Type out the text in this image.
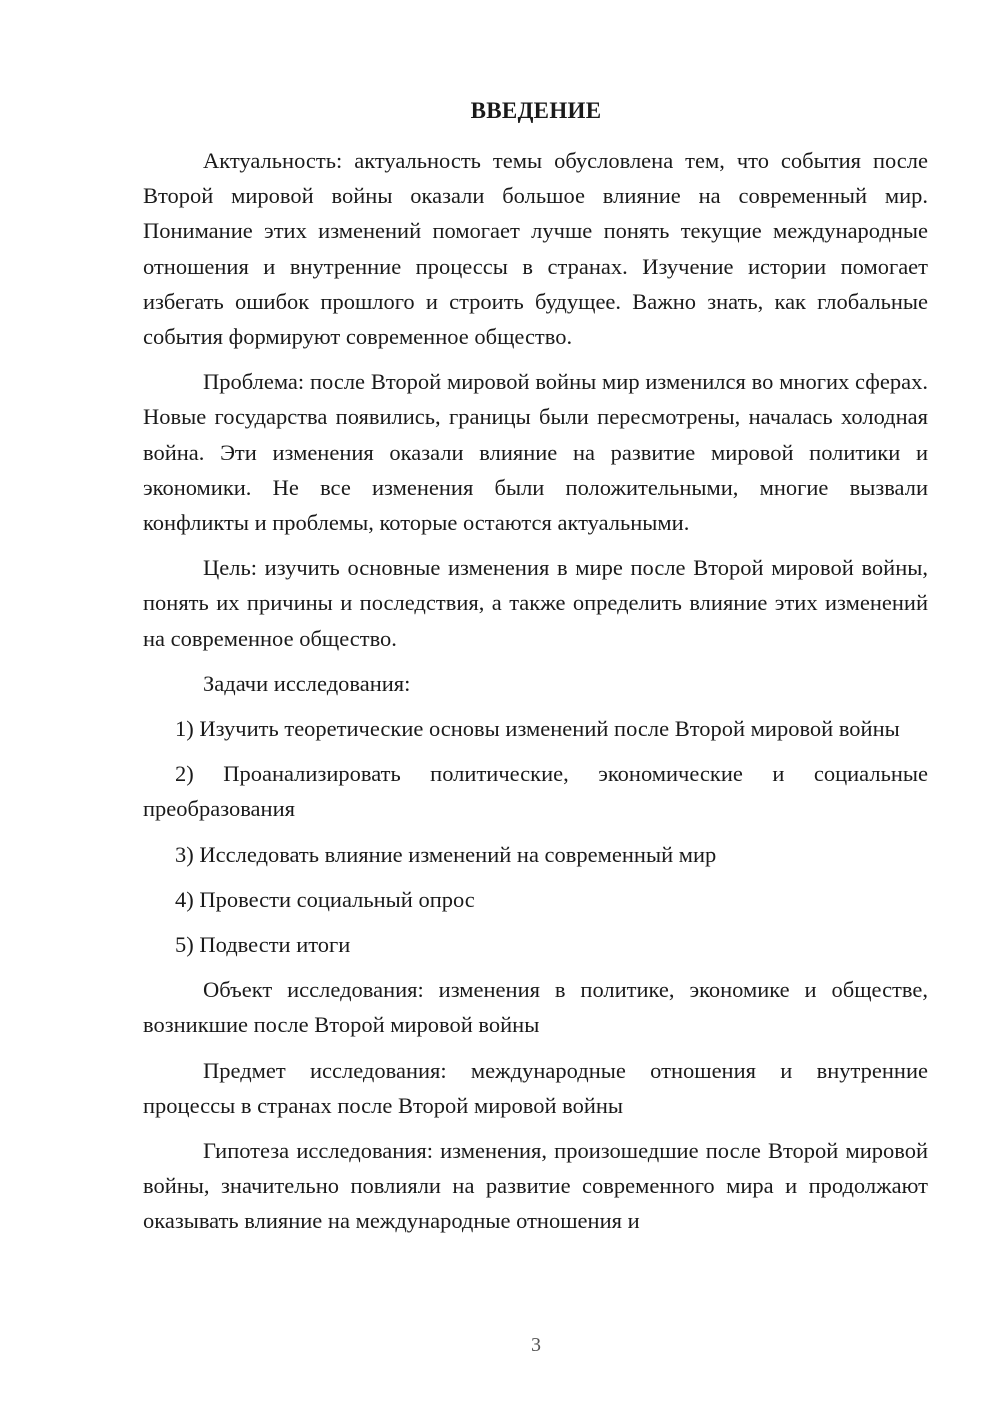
ВВЕДЕНИЕ

Актуальность: актуальность темы обусловлена тем, что события после Второй мировой войны оказали большое влияние на современный мир. Понимание этих изменений помогает лучше понять текущие международные отношения и внутренние процессы в странах. Изучение истории помогает избегать ошибок прошлого и строить будущее. Важно знать, как глобальные события формируют современное общество.

Проблема: после Второй мировой войны мир изменился во многих сферах. Новые государства появились, границы были пересмотрены, началась холодная война. Эти изменения оказали влияние на развитие мировой политики и экономики. Не все изменения были положительными, многие вызвали конфликты и проблемы, которые остаются актуальными.

Цель: изучить основные изменения в мире после Второй мировой войны, понять их причины и последствия, а также определить влияние этих изменений на современное общество.

Задачи исследования:

1) Изучить теоретические основы изменений после Второй мировой войны

2) Проанализировать политические, экономические и социальные преобразования

3) Исследовать влияние изменений на современный мир

4) Провести социальный опрос

5) Подвести итоги

Объект исследования: изменения в политике, экономике и обществе, возникшие после Второй мировой войны

Предмет исследования: международные отношения и внутренние процессы в странах после Второй мировой войны

Гипотеза исследования: изменения, произошедшие после Второй мировой войны, значительно повлияли на развитие современного мира и продолжают оказывать влияние на международные отношения и

3
